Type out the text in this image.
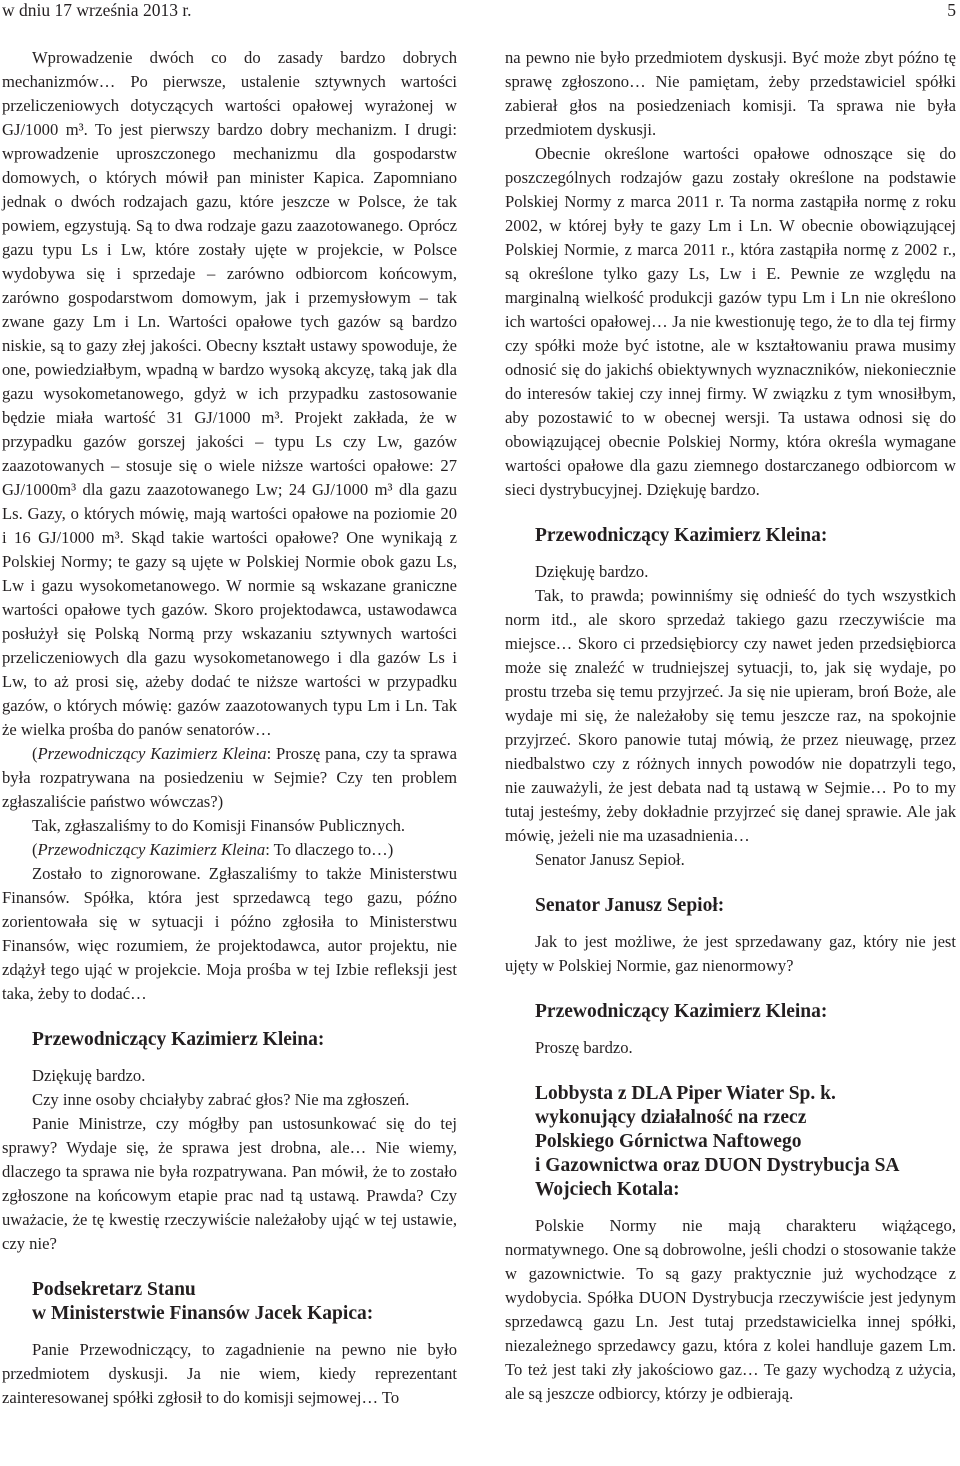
w dniu 17 września 2013 r.	5

Wprowadzenie dwóch co do zasady bardzo dobrych mechanizmów… Po pierwsze, ustalenie sztywnych wartości przeliczeniowych dotyczących wartości opałowej wyrażonej w GJ/1000 m³. To jest pierwszy bardzo dobry mechanizm. I drugi: wprowadzenie uproszczonego mechanizmu dla gospodarstw domowych, o których mówił pan minister Kapica. Zapomniano jednak o dwóch rodzajach gazu, które jeszcze w Polsce, że tak powiem, egzystują. Są to dwa rodzaje gazu zaazotowanego. Oprócz gazu typu Ls i Lw, które zostały ujęte w projekcie, w Polsce wydobywa się i sprzedaje – zarówno odbiorcom końcowym, zarówno gospodarstwom domowym, jak i przemysłowym – tak zwane gazy Lm i Ln. Wartości opałowe tych gazów są bardzo niskie, są to gazy złej jakości. Obecny kształt ustawy spowoduje, że one, powiedziałbym, wpadną w bardzo wysoką akcyzę, taką jak dla gazu wysokometanowego, gdyż w ich przypadku zastosowanie będzie miała wartość 31 GJ/1000 m³. Projekt zakłada, że w przypadku gazów gorszej jakości – typu Ls czy Lw, gazów zaazotowanych – stosuje się o wiele niższe wartości opałowe: 27 GJ/1000m³ dla gazu zaazotowanego Lw; 24 GJ/1000 m³ dla gazu Ls. Gazy, o których mówię, mają wartości opałowe na poziomie 20 i 16 GJ/1000 m³. Skąd takie wartości opałowe? One wynikają z Polskiej Normy; te gazy są ujęte w Polskiej Normie obok gazu Ls, Lw i gazu wysokometanowego. W normie są wskazane graniczne wartości opałowe tych gazów. Skoro projektodawca, ustawodawca posłużył się Polską Normą przy wskazaniu sztywnych wartości przeliczeniowych dla gazu wysokometanowego i dla gazów Ls i Lw, to aż prosi się, ażeby dodać te niższe wartości w przypadku gazów, o których mówię: gazów zaazotowanych typu Lm i Ln. Tak że wielka prośba do panów senatorów…

(Przewodniczący Kazimierz Kleina: Proszę pana, czy ta sprawa była rozpatrywana na posiedzeniu w Sejmie? Czy ten problem zgłaszaliście państwo wówczas?)

Tak, zgłaszaliśmy to do Komisji Finansów Publicznych.

(Przewodniczący Kazimierz Kleina: To dlaczego to…)

Zostało to zignorowane. Zgłaszaliśmy to także Ministerstwu Finansów. Spółka, która jest sprzedawcą tego gazu, późno zorientowała się w sytuacji i późno zgłosiła to Ministerstwu Finansów, więc rozumiem, że projektodawca, autor projektu, nie zdążył tego ująć w projekcie. Moja prośba w tej Izbie refleksji jest taka, żeby to dodać…

Przewodniczący Kazimierz Kleina:

Dziękuję bardzo.

Czy inne osoby chciałyby zabrać głos? Nie ma zgłoszeń.

Panie Ministrze, czy mógłby pan ustosunkować się do tej sprawy? Wydaje się, że sprawa jest drobna, ale… Nie wiemy, dlaczego ta sprawa nie była rozpatrywana. Pan mówił, że to zostało zgłoszone na końcowym etapie prac nad tą ustawą. Prawda? Czy uważacie, że tę kwestię rzeczywiście należałoby ująć w tej ustawie, czy nie?

Podsekretarz Stanu
w Ministerstwie Finansów Jacek Kapica:

Panie Przewodniczący, to zagadnienie na pewno nie było przedmiotem dyskusji. Ja nie wiem, kiedy reprezentant zainteresowanej spółki zgłosił to do komisji sejmowej… To

na pewno nie było przedmiotem dyskusji. Być może zbyt późno tę sprawę zgłoszono… Nie pamiętam, żeby przedstawiciel spółki zabierał głos na posiedzeniach komisji. Ta sprawa nie była przedmiotem dyskusji.

Obecnie określone wartości opałowe odnoszące się do poszczególnych rodzajów gazu zostały określone na podstawie Polskiej Normy z marca 2011 r. Ta norma zastąpiła normę z roku 2002, w której były te gazy Lm i Ln. W obecnie obowiązującej Polskiej Normie, z marca 2011 r., która zastąpiła normę z 2002 r., są określone tylko gazy Ls, Lw i E. Pewnie ze względu na marginalną wielkość produkcji gazów typu Lm i Ln nie określono ich wartości opałowej… Ja nie kwestionuję tego, że to dla tej firmy czy spółki może być istotne, ale w kształtowaniu prawa musimy odnosić się do jakichś obiektywnych wyznaczników, niekoniecznie do interesów takiej czy innej firmy. W związku z tym wnosiłbym, aby pozostawić to w obecnej wersji. Ta ustawa odnosi się do obowiązującej obecnie Polskiej Normy, która określa wymagane wartości opałowe dla gazu ziemnego dostarczanego odbiorcom w sieci dystrybucyjnej. Dziękuję bardzo.

Przewodniczący Kazimierz Kleina:

Dziękuję bardzo.

Tak, to prawda; powinniśmy się odnieść do tych wszystkich norm itd., ale skoro sprzedaż takiego gazu rzeczywiście ma miejsce… Skoro ci przedsiębiorcy czy nawet jeden przedsiębiorca może się znaleźć w trudniejszej sytuacji, to, jak się wydaje, po prostu trzeba się temu przyjrzeć. Ja się nie upieram, broń Boże, ale wydaje mi się, że należałoby się temu jeszcze raz, na spokojnie przyjrzeć. Skoro panowie tutaj mówią, że przez nieuwagę, przez niedbalstwo czy z różnych innych powodów nie dopatrzyli tego, nie zauważyli, że jest debata nad tą ustawą w Sejmie… Po to my tutaj jesteśmy, żeby dokładnie przyjrzeć się danej sprawie. Ale jak mówię, jeżeli nie ma uzasadnienia…

Senator Janusz Sepioł.

Senator Janusz Sepioł:

Jak to jest możliwe, że jest sprzedawany gaz, który nie jest ujęty w Polskiej Normie, gaz nienormowy?

Przewodniczący Kazimierz Kleina:

Proszę bardzo.

Lobbysta z DLA Piper Wiater Sp. k.
wykonujący działalność na rzecz
Polskiego Górnictwa Naftowego
i Gazownictwa oraz DUON Dystrybucja SA
Wojciech Kotala:

Polskie Normy nie mają charakteru wiążącego, normatywnego. One są dobrowolne, jeśli chodzi o stosowanie także w gazownictwie. To są gazy praktycznie już wychodzące z wydobycia. Spółka DUON Dystrybucja rzeczywiście jest jedynym sprzedawcą gazu Ln. Jest tutaj przedstawicielka innej spółki, niezależnego sprzedawcy gazu, która z kolei handluje gazem Lm. To też jest taki zły jakościowo gaz… Te gazy wychodzą z użycia, ale są jeszcze odbiorcy, którzy je odbierają.
